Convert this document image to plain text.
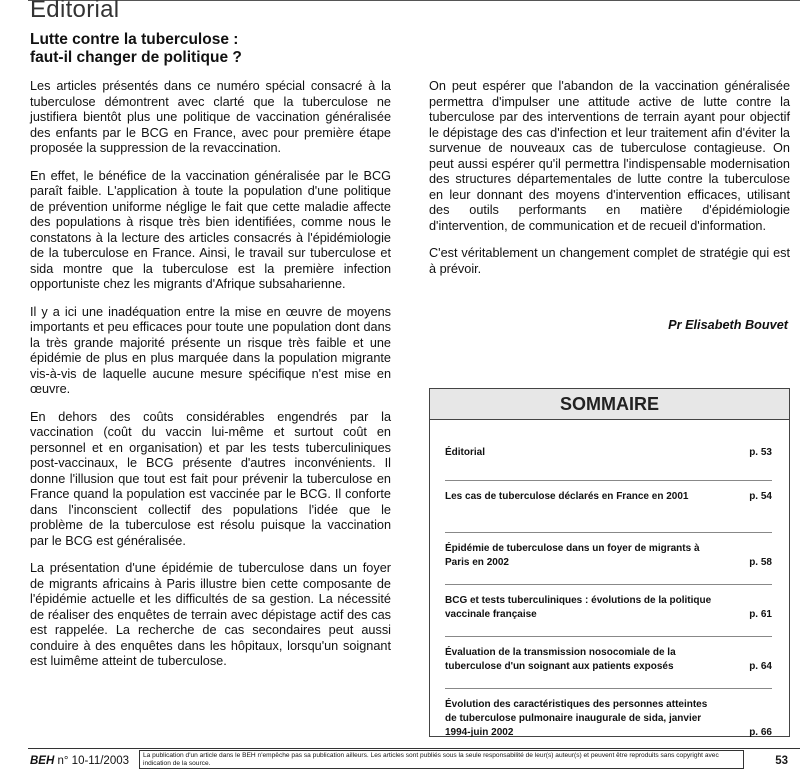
Editorial
Lutte contre la tuberculose :
faut-il changer de politique ?

Les articles présentés dans ce numéro spécial consacré à la tuberculose démontrent avec clarté que la tuberculose ne justifiera bientôt plus une politique de vaccination généralisée des enfants par le BCG en France, avec pour première étape proposée la suppression de la revaccination.

En effet, le bénéfice de la vaccination généralisée par le BCG paraît faible. L'application à toute la population d'une politique de prévention uniforme néglige le fait que cette maladie affecte des populations à risque très bien identifiées, comme nous le constatons à la lecture des articles consacrés à l'épidémiologie de la tuberculose en France. Ainsi, le travail sur tuberculose et sida montre que la tuberculose est la première infection opportuniste chez les migrants d'Afrique subsaharienne.

Il y a ici une inadéquation entre la mise en œuvre de moyens importants et peu efficaces pour toute une population dont dans la très grande majorité présente un risque très faible et une épidémie de plus en plus marquée dans la population migrante vis-à-vis de laquelle aucune mesure spécifique n'est mise en œuvre.

En dehors des coûts considérables engendrés par la vaccination (coût du vaccin lui-même et surtout coût en personnel et en organisation) et par les tests tuberculiniques post-vaccinaux, le BCG présente d'autres inconvénients. Il donne l'illusion que tout est fait pour prévenir la tuberculose en France quand la population est vaccinée par le BCG. Il conforte dans l'inconscient collectif des populations l'idée que le problème de la tuberculose est résolu puisque la vaccination par le BCG est généralisée.

La présentation d'une épidémie de tuberculose dans un foyer de migrants africains à Paris illustre bien cette composante de l'épidémie actuelle et les difficultés de sa gestion. La nécessité de réaliser des enquêtes de terrain avec dépistage actif des cas est rappelée. La recherche de cas secondaires peut aussi conduire à des enquêtes dans les hôpitaux, lorsqu'un soignant est luimême atteint de tuberculose.

On peut espérer que l'abandon de la vaccination généralisée permettra d'impulser une attitude active de lutte contre la tuberculose par des interventions de terrain ayant pour objectif le dépistage des cas d'infection et leur traitement afin d'éviter la survenue de nouveaux cas de tuberculose contagieuse. On peut aussi espérer qu'il permettra l'indispensable modernisation des structures départementales de lutte contre la tuberculose en leur donnant des moyens d'intervention efficaces, utilisant des outils performants en matière d'épidémiologie d'intervention, de communication et de recueil d'information.

C'est véritablement un changement complet de stratégie qui est à prévoir.

Pr Elisabeth Bouvet
SOMMAIRE
Éditorial	p. 53
Les cas de tuberculose déclarés en France en 2001	p. 54
Épidémie de tuberculose dans un foyer de migrants à Paris en 2002	p. 58
BCG et tests tuberculiniques : évolutions de la politique vaccinale française	p. 61
Évaluation de la transmission nosocomiale de la tuberculose d'un soignant aux patients exposés	p. 64
Évolution des caractéristiques des personnes atteintes de tuberculose pulmonaire inaugurale de sida, janvier 1994-juin 2002	p. 66
BEH n° 10-11/2003	La publication d'un article dans le BEH n'empêche pas sa publication ailleurs. Les articles sont publiés sous la seule responsabilité de leur(s) auteur(s) et peuvent être reproduits sans copyright avec indication de la source.	53
